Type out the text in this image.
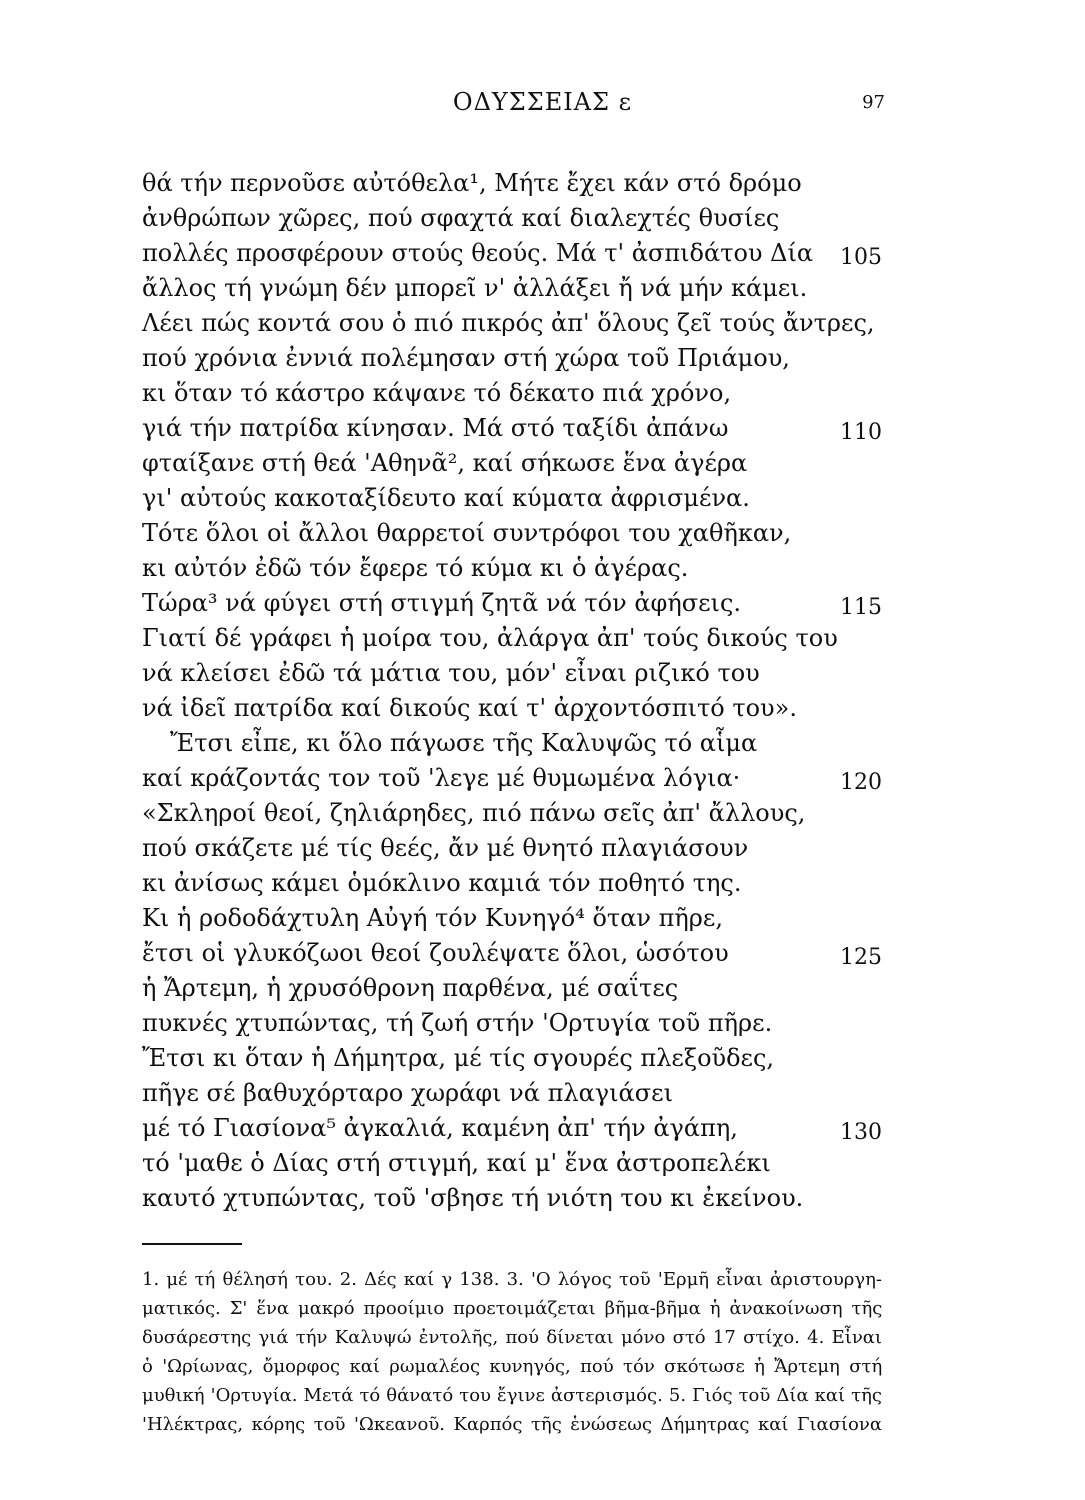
ΟΔΥΣΣΕΙΑΣ ε	97
θά τήν περνοῦσε αὐτόθελα¹, Μήτε ἔχει κάν στό δρόμο
ἀνθρώπων χῶρες, πού σφαχτά καί διαλεχτές θυσίες
πολλές προσφέρουν στούς θεούς. Μά τ' ἀσπιδάτου Δία 105
ἄλλος τή γνώμη δέν μπορεῖ ν' ἀλλάξει ἤ νά μήν κάμει.
Λέει πώς κοντά σου ὁ πιό πικρός ἀπ' ὅλους ζεῖ τούς ἄντρες,
πού χρόνια ἐννιά πολέμησαν στή χώρα τοῦ Πριάμου,
κι ὅταν τό κάστρο κάψανε τό δέκατο πιά χρόνο,
γιά τήν πατρίδα κίνησαν. Μά στό ταξίδι ἀπάνω	110
φταίξανε στή θεά 'Αθηνᾶ², καί σήκωσε ἕνα ἀγέρα
γι' αὐτούς κακοταξίδευτο καί κύματα ἀφρισμένα.
Τότε ὅλοι οἱ ἄλλοι θαρρετοί συντρόφοι του χαθῆκαν,
κι αὐτόν ἐδῶ τόν ἔφερε τό κύμα κι ὁ ἀγέρας.
Τώρα³ νά φύγει στή στιγμή ζητᾶ νά τόν ἀφήσεις.	115
Γιατί δέ γράφει ἡ μοίρα του, ἀλάργα ἀπ' τούς δικούς του
νά κλείσει ἐδῶ τά μάτια του, μόν' εἶναι ριζικό του
νά ἰδεῖ πατρίδα καί δικούς καί τ' ἀρχοντόσπιτό του».
Ἔτσι εἶπε, κι ὅλο πάγωσε τῆς Καλυψῶς τό αἷμα
καί κράζοντάς τον τοῦ 'λεγε μέ θυμωμένα λόγια·	120
«Σκληροί θεοί, ζηλιάρηδες, πιό πάνω σεῖς ἀπ' ἄλλους,
πού σκάζετε μέ τίς θεές, ἄν μέ θνητό πλαγιάσουν
κι ἀνίσως κάμει ὁμόκλινο καμιά τόν ποθητό της.
Κι ἡ ροδοδάχτυλη Αὐγή τόν Κυνηγό⁴ ὅταν πῆρε,
ἔτσι οἱ γλυκόζωοι θεοί ζουλέψατε ὅλοι, ὡσότου	125
ἡ Ἄρτεμη, ἡ χρυσόθρονη παρθένα, μέ σαΐτες
πυκνές χτυπώντας, τή ζωή στήν 'Ορτυγία τοῦ πῆρε.
Ἔτσι κι ὅταν ἡ Δήμητρα, μέ τίς σγουρές πλεξοῦδες,
πῆγε σέ βαθυχόρταρο χωράφι νά πλαγιάσει
μέ τό Γιασίονα⁵ ἀγκαλιά, καμένη ἀπ' τήν ἀγάπη,	130
τό 'μαθε ὁ Δίας στή στιγμή, καί μ' ἕνα ἀστροπελέκι
καυτό χτυπώντας, τοῦ 'σβησε τή νιότη του κι ἐκείνου.
1. μέ τή θέλησή του. 2. Δές καί γ 138. 3. 'Ο λόγος τοῦ 'Ερμῆ εἶναι ἀριστουργη-
ματικός. Σ' ἕνα μακρό προοίμιο προετοιμάζεται βῆμα-βῆμα ἡ ἀνακοίνωση τῆς
δυσάρεστης γιά τήν Καλυψώ ἐντολῆς, πού δίνεται μόνο στό 17 στίχο. 4. Εἶναι
ὁ 'Ωρίωνας, ὄμορφος καί ρωμαλέος κυνηγός, πού τόν σκότωσε ἡ Ἄρτεμη στή
μυθική 'Ορτυγία. Μετά τό θάνατό του ἔγινε ἀστερισμός. 5. Γιός τοῦ Δία καί τῆς
'Ηλέκτρας, κόρης τοῦ 'Ωκεανοῦ. Καρπός τῆς ἑνώσεως Δήμητρας καί Γιασίονα
